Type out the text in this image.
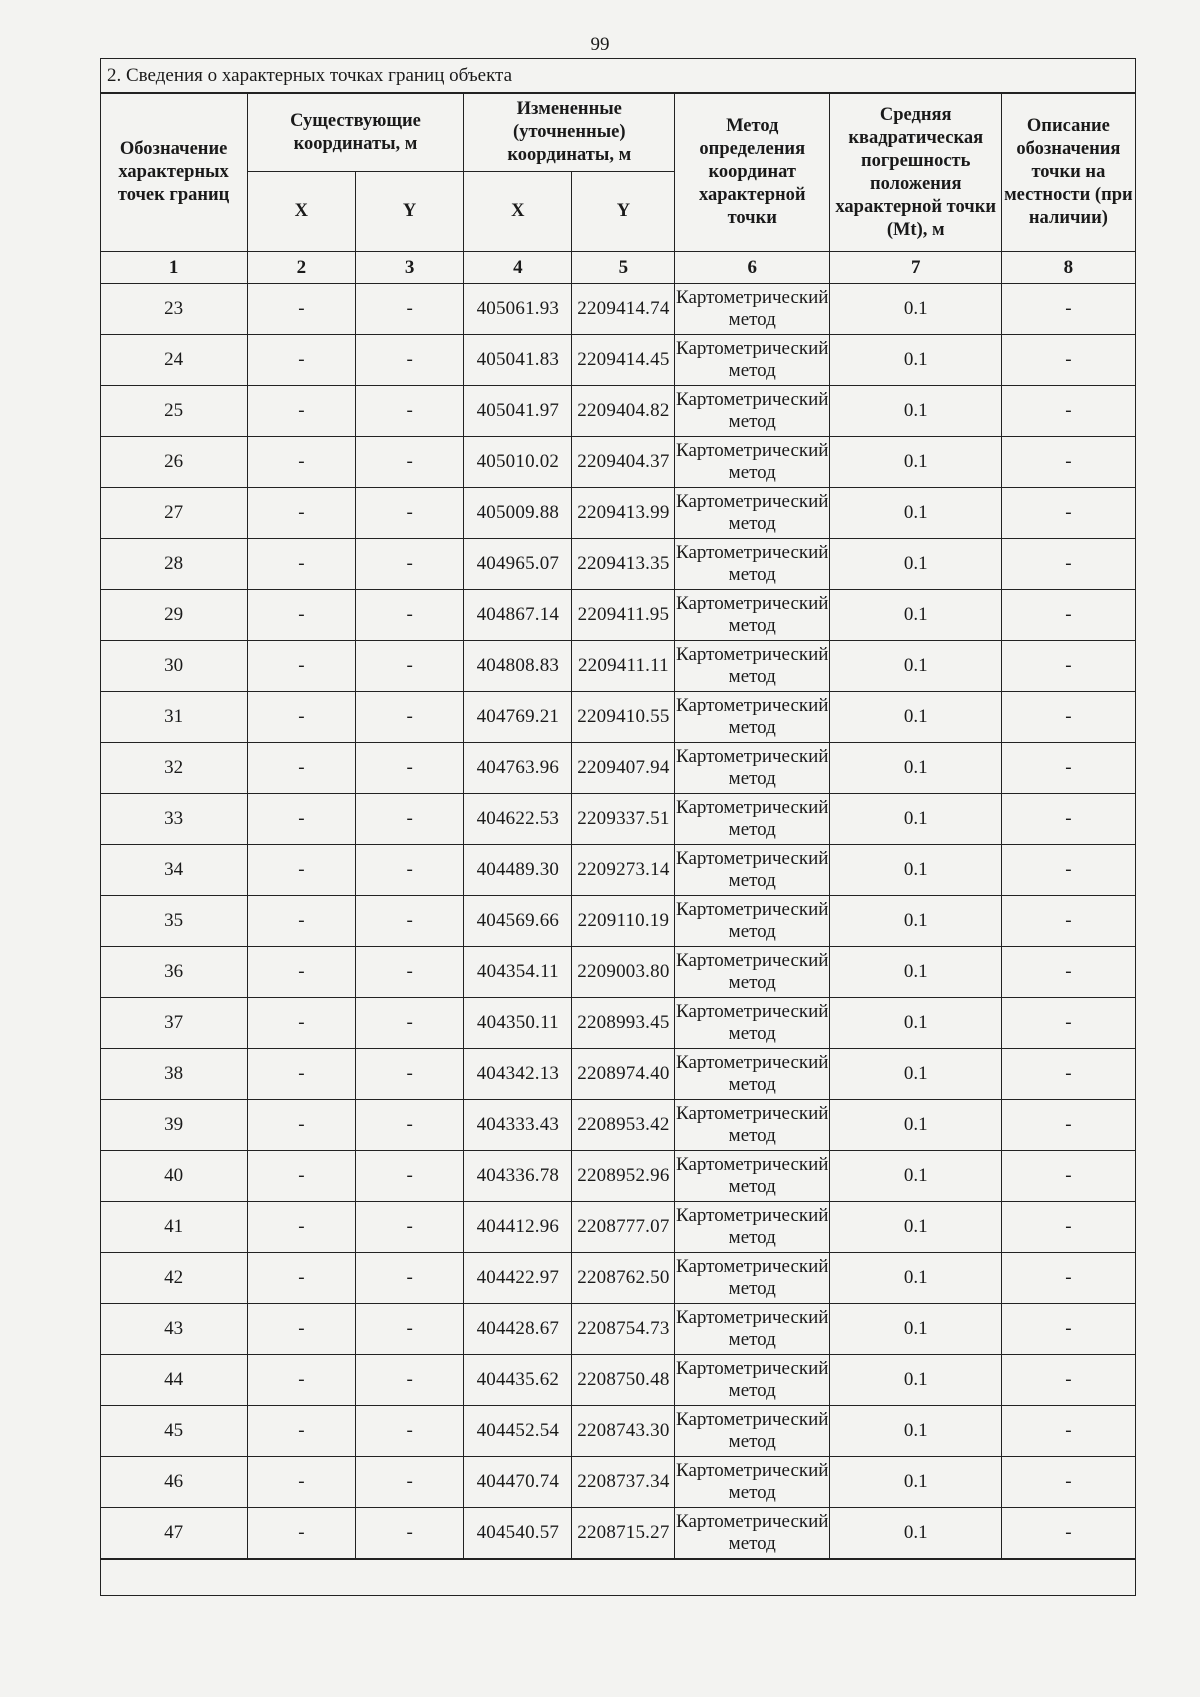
99
2. Сведения о характерных точках границ объекта
Обозначение характерных точек границ	Существующие координаты, м		Измененные (уточненные) координаты, м		Метод определения координат характерной точки	Средняя квадратическая погрешность положения характерной точки (Mt), м	Описание обозначения точки на местности (при наличии)
	X	Y	X	Y			
1	2	3	4	5	6	7	8
23	-	-	405061.93	2209414.74	Картометрический метод	0.1	-
24	-	-	405041.83	2209414.45	Картометрический метод	0.1	-
25	-	-	405041.97	2209404.82	Картометрический метод	0.1	-
26	-	-	405010.02	2209404.37	Картометрический метод	0.1	-
27	-	-	405009.88	2209413.99	Картометрический метод	0.1	-
28	-	-	404965.07	2209413.35	Картометрический метод	0.1	-
29	-	-	404867.14	2209411.95	Картометрический метод	0.1	-
30	-	-	404808.83	2209411.11	Картометрический метод	0.1	-
31	-	-	404769.21	2209410.55	Картометрический метод	0.1	-
32	-	-	404763.96	2209407.94	Картометрический метод	0.1	-
33	-	-	404622.53	2209337.51	Картометрический метод	0.1	-
34	-	-	404489.30	2209273.14	Картометрический метод	0.1	-
35	-	-	404569.66	2209110.19	Картометрический метод	0.1	-
36	-	-	404354.11	2209003.80	Картометрический метод	0.1	-
37	-	-	404350.11	2208993.45	Картометрический метод	0.1	-
38	-	-	404342.13	2208974.40	Картометрический метод	0.1	-
39	-	-	404333.43	2208953.42	Картометрический метод	0.1	-
40	-	-	404336.78	2208952.96	Картометрический метод	0.1	-
41	-	-	404412.96	2208777.07	Картометрический метод	0.1	-
42	-	-	404422.97	2208762.50	Картометрический метод	0.1	-
43	-	-	404428.67	2208754.73	Картометрический метод	0.1	-
44	-	-	404435.62	2208750.48	Картометрический метод	0.1	-
45	-	-	404452.54	2208743.30	Картометрический метод	0.1	-
46	-	-	404470.74	2208737.34	Картометрический метод	0.1	-
47	-	-	404540.57	2208715.27	Картометрический метод	0.1	-
